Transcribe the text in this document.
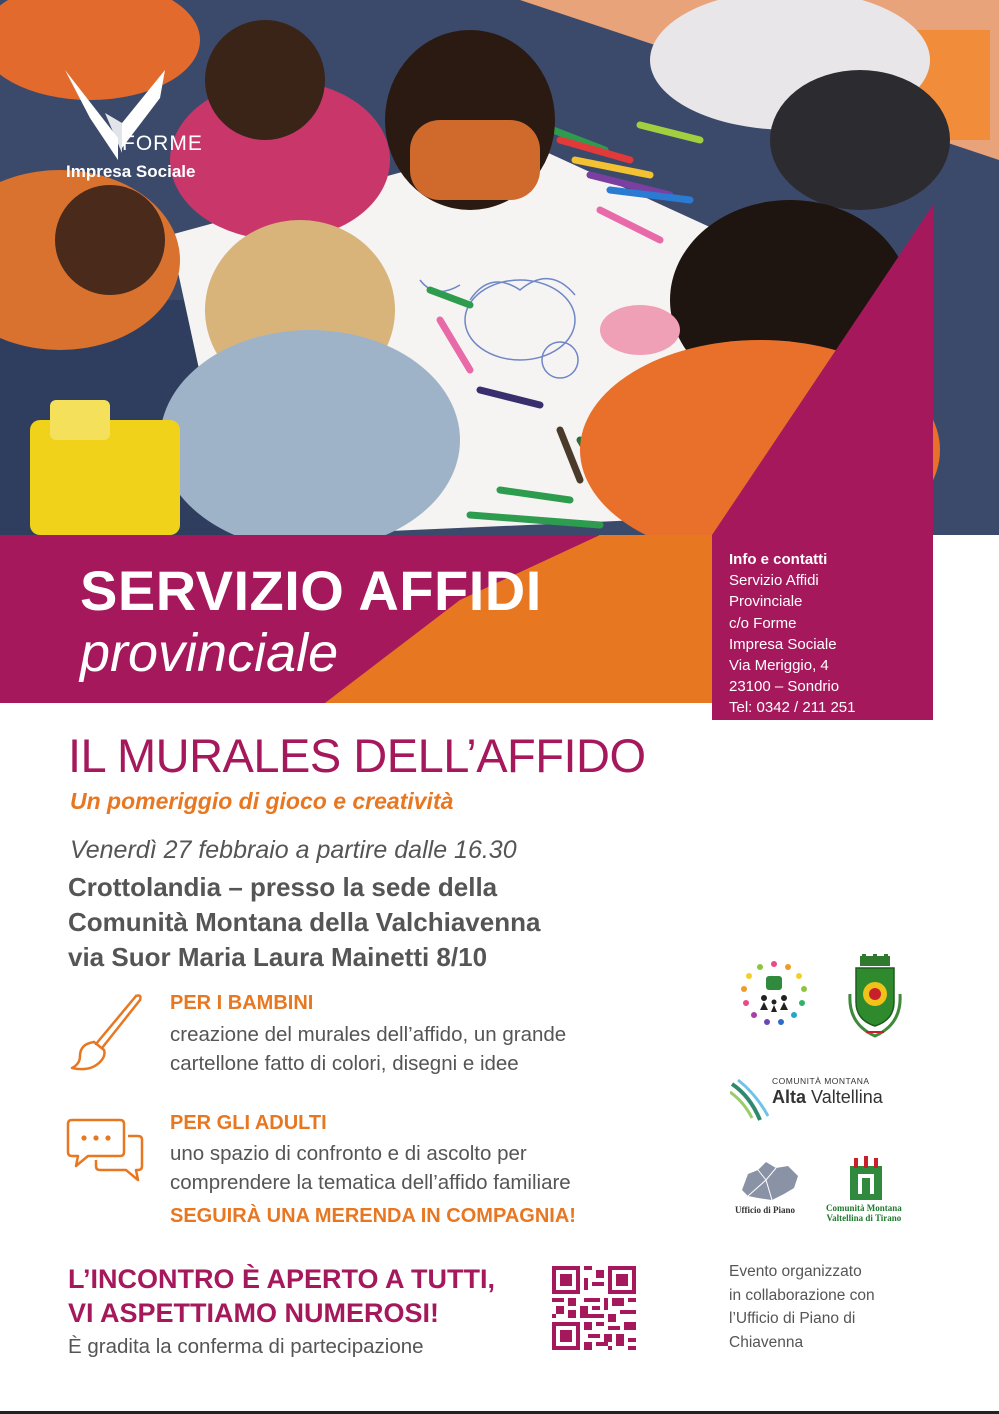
FORME
Impresa Sociale
SERVIZIO AFFIDI
provinciale
Info e contatti
Servizio Affidi
Provinciale
c/o Forme
Impresa Sociale
Via Meriggio, 4
23100 – Sondrio
Tel: 0342 / 211 251
affido@formecoop.it
formecoop.it
Orari di apertura
Mercoledì e Venerdì
09.00 – 13.00
14.00 – 17.00
IL MURALES DELL’AFFIDO
Un pomeriggio di gioco e creatività
Venerdì 27 febbraio a partire dalle 16.30
Crottolandia – presso la sede della
Comunità Montana della Valchiavenna
via Suor Maria Laura Mainetti 8/10
PER I BAMBINI
creazione del murales dell’affido, un grande
cartellone fatto di colori, disegni e idee
PER GLI ADULTI
uno spazio di confronto e di ascolto per
comprendere la tematica dell’affido familiare
SEGUIRÀ UNA MERENDA IN COMPAGNIA!
L’INCONTRO È APERTO A TUTTI,
VI ASPETTIAMO NUMEROSI!
È gradita la conferma di partecipazione
COMUNITÀ MONTANA
Alta Valtellina
Ufficio di Piano	Comunità Montana
Valtellina di Tirano
Evento organizzato
in collaborazione con
l’Ufficio di Piano di
Chiavenna
